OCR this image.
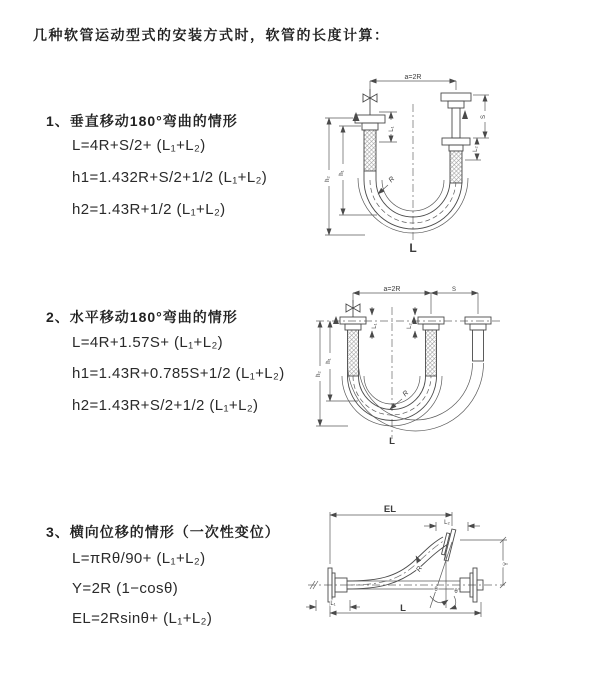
几种软管运动型式的安装方式时，软管的长度计算：
1、垂直移动180°弯曲的情形
L=4R+S/2+ (L₁+L₂)
h1=1.432R+S/2+1/2 (L₁+L₂)
h2=1.43R+1/2 (L₁+L₂)
2、水平移动180°弯曲的情形
L=4R+1.57S+ (L₁+L₂)
h1=1.43R+0.785S+1/2 (L₁+L₂)
h2=1.43R+S/2+1/2 (L₁+L₂)
3、横向位移的情形（一次性变位）
L=πRθ/90+ (L₁+L₂)
Y=2R (1−cosθ)
EL=2Rsinθ+ (L₁+L₂)
a=2R
L₁
h₁
h₂
S
L₂
R
L
a=2R	S
L₁	L₂
h₁
h₂
R
L
θ	θ
EL
L₂
Y
L
L₁
R
